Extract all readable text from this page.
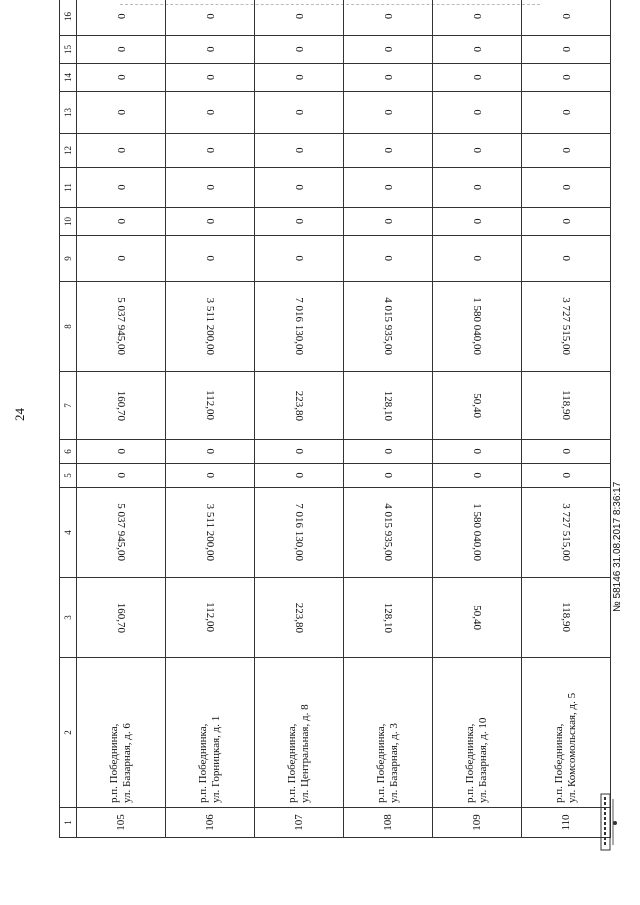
24
1	2	3	4	5	6	7	8	9	10	11	12	13	14	15	16
105	р.п. Победнинка, ул. Базарная, д. 6	160,70	5 037 945,00	0	0	160,70	5 037 945,00	0	0	0	0	0	0	0	0
106	р.п. Победнинка, ул. Горницкая, д. 1	112,00	3 511 200,00	0	0	112,00	3 511 200,00	0	0	0	0	0	0	0	0
107	р.п. Победнинка, ул. Центральная, д. 8	223,80	7 016 130,00	0	0	223,80	7 016 130,00	0	0	0	0	0	0	0	0
108	р.п. Победнинка, ул. Базарная, д. 3	128,10	4 015 935,00	0	0	128,10	4 015 935,00	0	0	0	0	0	0	0	0
109	р.п. Победнинка, ул. Базарная, д. 10	50,40	1 580 040,00	0	0	50,40	1 580 040,00	0	0	0	0	0	0	0	0
110	р.п. Победнинка, ул. Комсомольская, д. 5	118,90	3 727 515,00	0	0	118,90	3 727 515,00	0	0	0	0	0	0	0	0
№ 58146 31.08.2017 8:36:17
